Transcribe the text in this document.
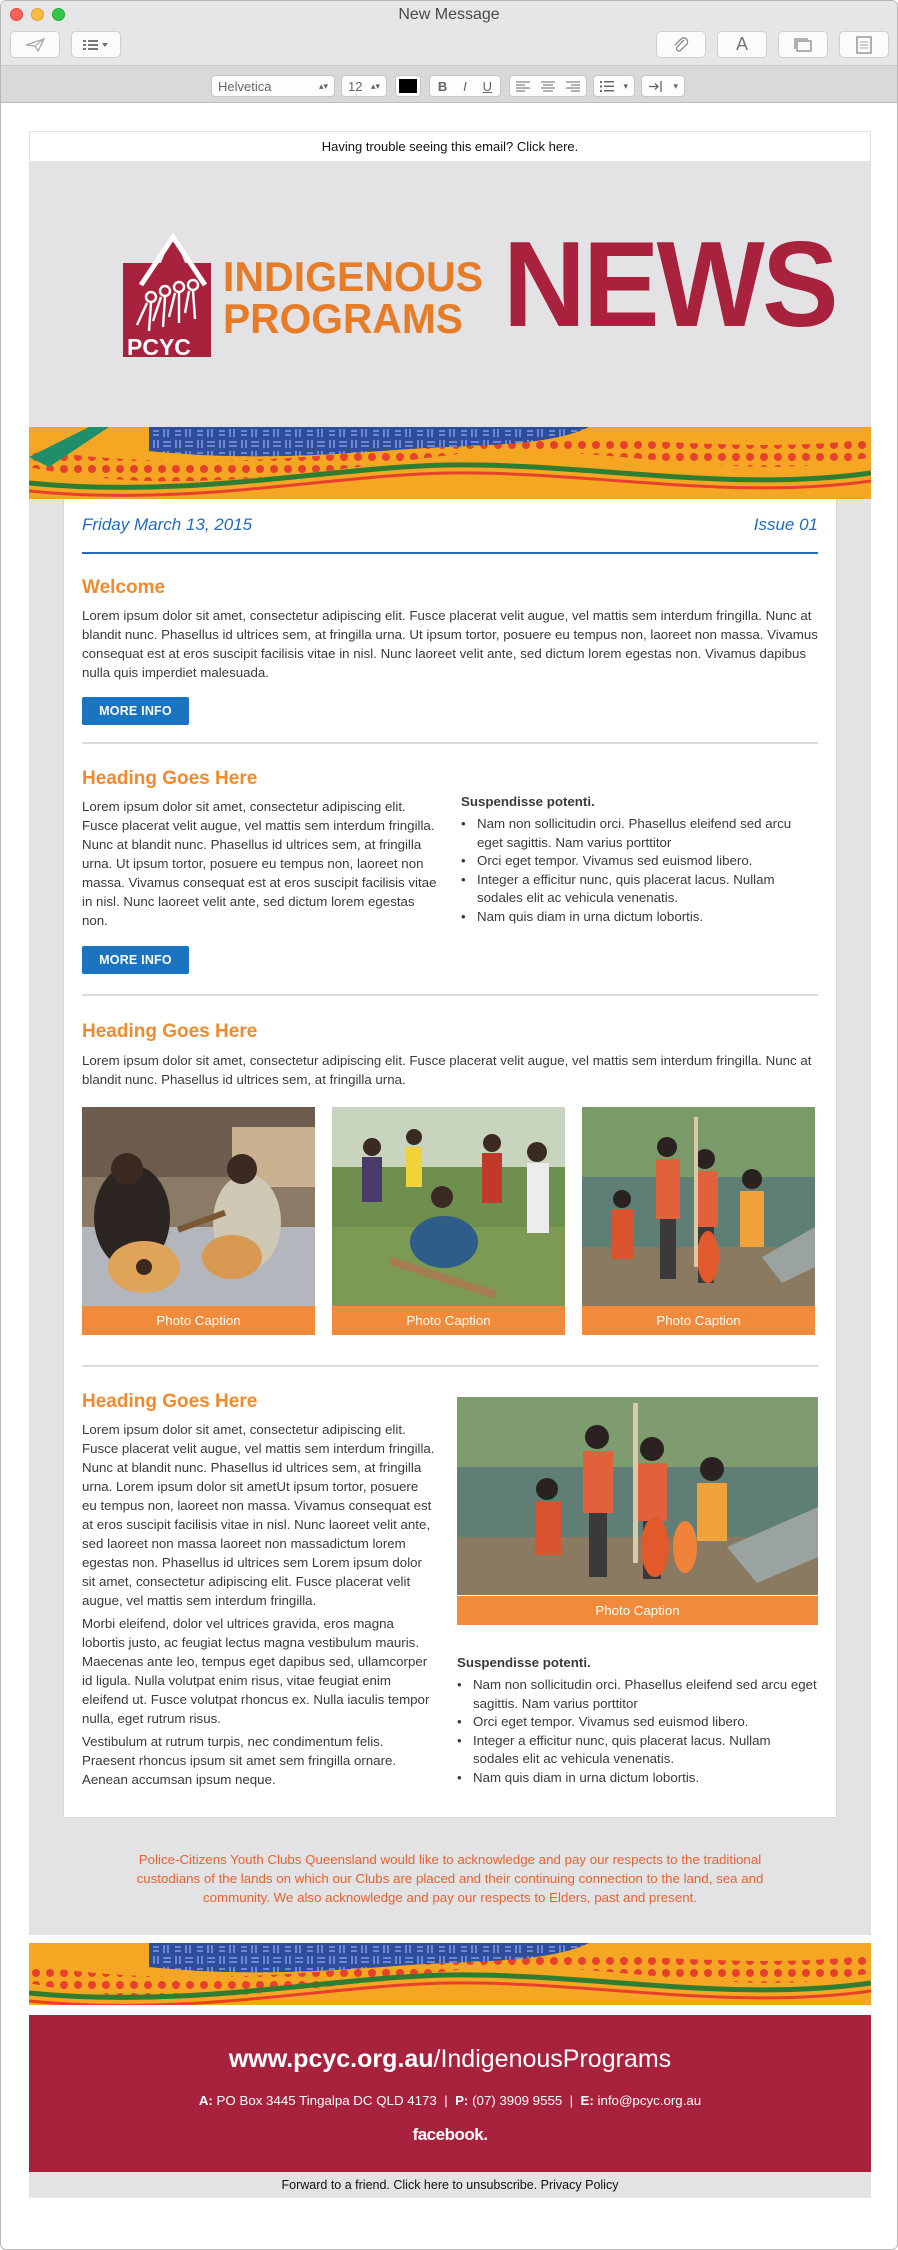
New Message
A
Helvetica	▴▾ 12 ▴▾	B I U	▾	▾
Having trouble seeing this email? Click here.
PCYC
INDIGENOUS
PROGRAMS NEWS
Friday March 13, 2015	Issue 01
Welcome

Lorem ipsum dolor sit amet, consectetur adipiscing elit. Fusce placerat velit augue, vel mattis sem interdum fringilla. Nunc at blandit nunc. Phasellus id ultrices sem, at fringilla urna. Ut ipsum tortor, posuere eu tempus non, laoreet non massa. Vivamus consequat est at eros suscipit facilisis vitae in nisl. Nunc laoreet velit ante, sed dictum lorem egestas non. Vivamus dapibus nulla quis imperdiet malesuada.

MORE INFO
Heading Goes Here

Lorem ipsum dolor sit amet, consectetur adipiscing elit. Fusce placerat velit augue, vel mattis sem interdum fringilla. Nunc at blandit nunc. Phasellus id ultrices sem, at fringilla urna. Ut ipsum tortor, posuere eu tempus non, laoreet non massa. Vivamus consequat est at eros suscipit facilisis vitae in nisl. Nunc laoreet velit ante, sed dictum lorem egestas non.

MORE INFO
Suspendisse potenti.
• Nam non sollicitudin orci. Phasellus eleifend sed arcu eget sagittis. Nam varius porttitor
• Orci eget tempor. Vivamus sed euismod libero.
• Integer a efficitur nunc, quis placerat lacus. Nullam sodales elit ac vehicula venenatis.
• Nam quis diam in urna dictum lobortis.
Heading Goes Here

Lorem ipsum dolor sit amet, consectetur adipiscing elit. Fusce placerat velit augue, vel mattis sem interdum fringilla. Nunc at blandit nunc. Phasellus id ultrices sem, at fringilla urna.

Photo Caption	Photo Caption	Photo Caption
Heading Goes Here

Lorem ipsum dolor sit amet, consectetur adipiscing elit. Fusce placerat velit augue, vel mattis sem interdum fringilla. Nunc at blandit nunc. Phasellus id ultrices sem, at fringilla urna. Lorem ipsum dolor sit ametUt ipsum tortor, posuere eu tempus non, laoreet non massa. Vivamus consequat est at eros suscipit facilisis vitae in nisl. Nunc laoreet velit ante, sed laoreet non massa laoreet non massadictum lorem egestas non. Phasellus id ultrices sem Lorem ipsum dolor sit amet, consectetur adipiscing elit. Fusce placerat velit augue, vel mattis sem interdum fringilla.

Morbi eleifend, dolor vel ultrices gravida, eros magna lobortis justo, ac feugiat lectus magna vestibulum mauris. Maecenas ante leo, tempus eget dapibus sed, ullamcorper id ligula. Nulla volutpat enim risus, vitae feugiat enim eleifend ut. Fusce volutpat rhoncus ex. Nulla iaculis tempor nulla, eget rutrum risus.

Vestibulum at rutrum turpis, nec condimentum felis. Praesent rhoncus ipsum sit amet sem fringilla ornare. Aenean accumsan ipsum neque.

Photo Caption
Suspendisse potenti.
• Nam non sollicitudin orci. Phasellus eleifend sed arcu eget sagittis. Nam varius porttitor
• Orci eget tempor. Vivamus sed euismod libero.
• Integer a efficitur nunc, quis placerat lacus. Nullam sodales elit ac vehicula venenatis.
• Nam quis diam in urna dictum lobortis.

Police-Citizens Youth Clubs Queensland would like to acknowledge and pay our respects to the traditional custodians of the lands on which our Clubs are placed and their continuing connection to the land, sea and community. We also acknowledge and pay our respects to Elders, past and present.

www.pcyc.org.au/IndigenousPrograms
A: PO Box 3445 Tingalpa DC QLD 4173  |  P: (07) 3909 9555  |  E: info@pcyc.org.au
facebook.
Forward to a friend. Click here to unsubscribe. Privacy Policy
